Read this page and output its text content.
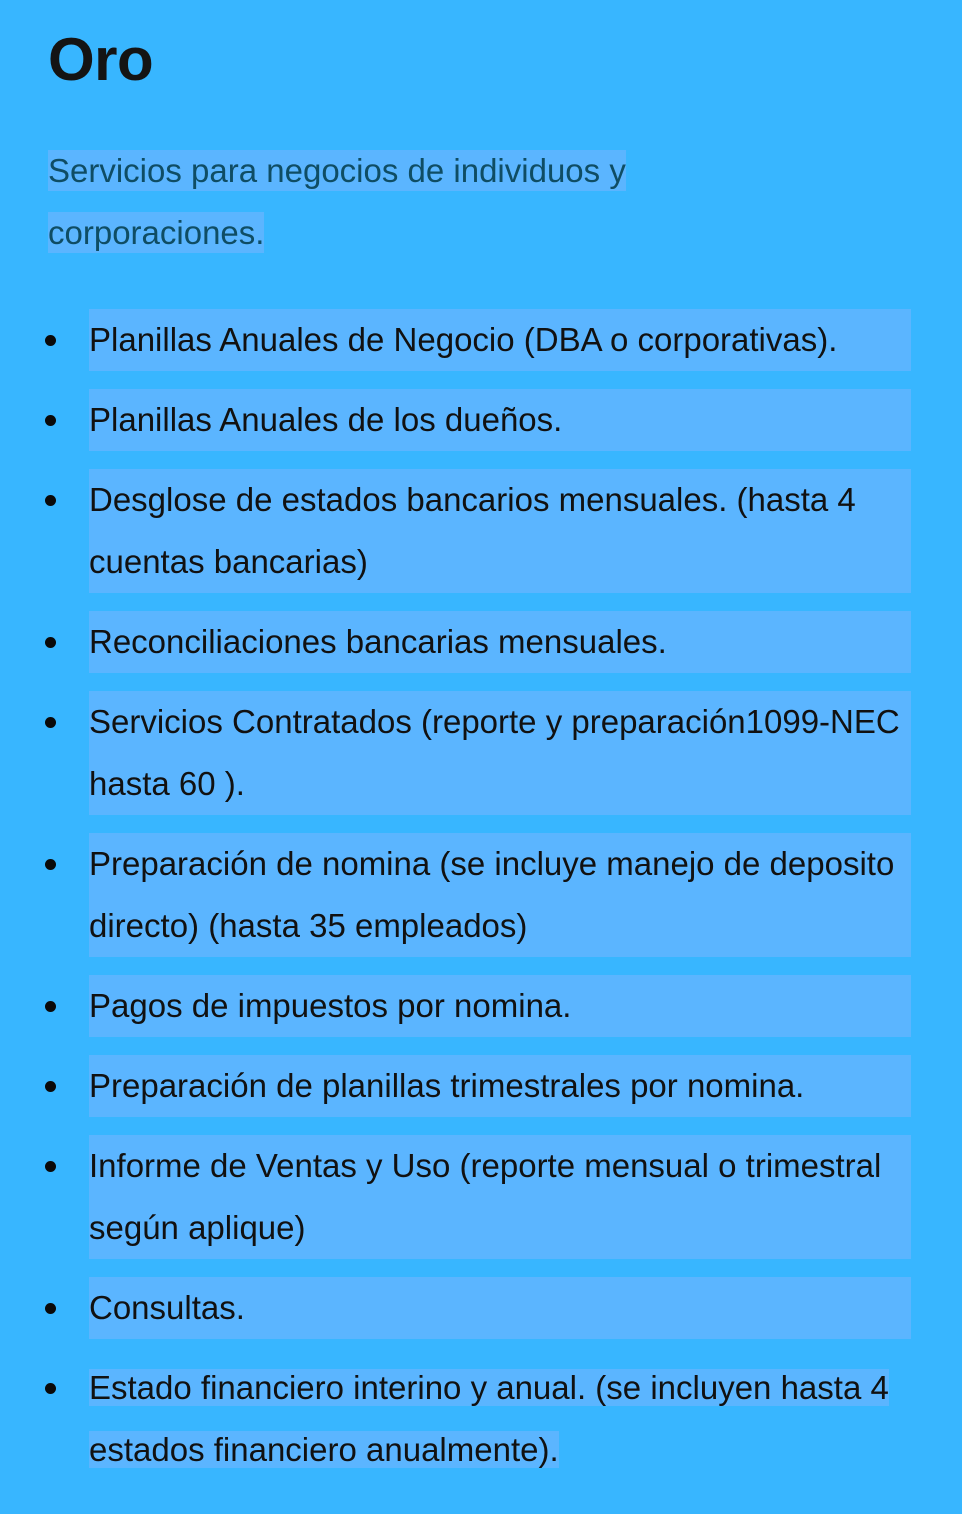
Oro

Servicios para negocios de individuos y corporaciones.

Planillas Anuales de Negocio (DBA o corporativas).
Planillas Anuales de los dueños.
Desglose de estados bancarios mensuales. (hasta 4 cuentas bancarias)
Reconciliaciones bancarias mensuales.
Servicios Contratados (reporte y preparación1099-NEC hasta 60 ).
Preparación de nomina (se incluye manejo de deposito directo) (hasta 35 empleados)
Pagos de impuestos por nomina.
Preparación de planillas trimestrales por nomina.
Informe de Ventas y Uso (reporte mensual o trimestral según aplique)
Consultas.
Estado financiero interino y anual. (se incluyen hasta 4 estados financiero anualmente).
